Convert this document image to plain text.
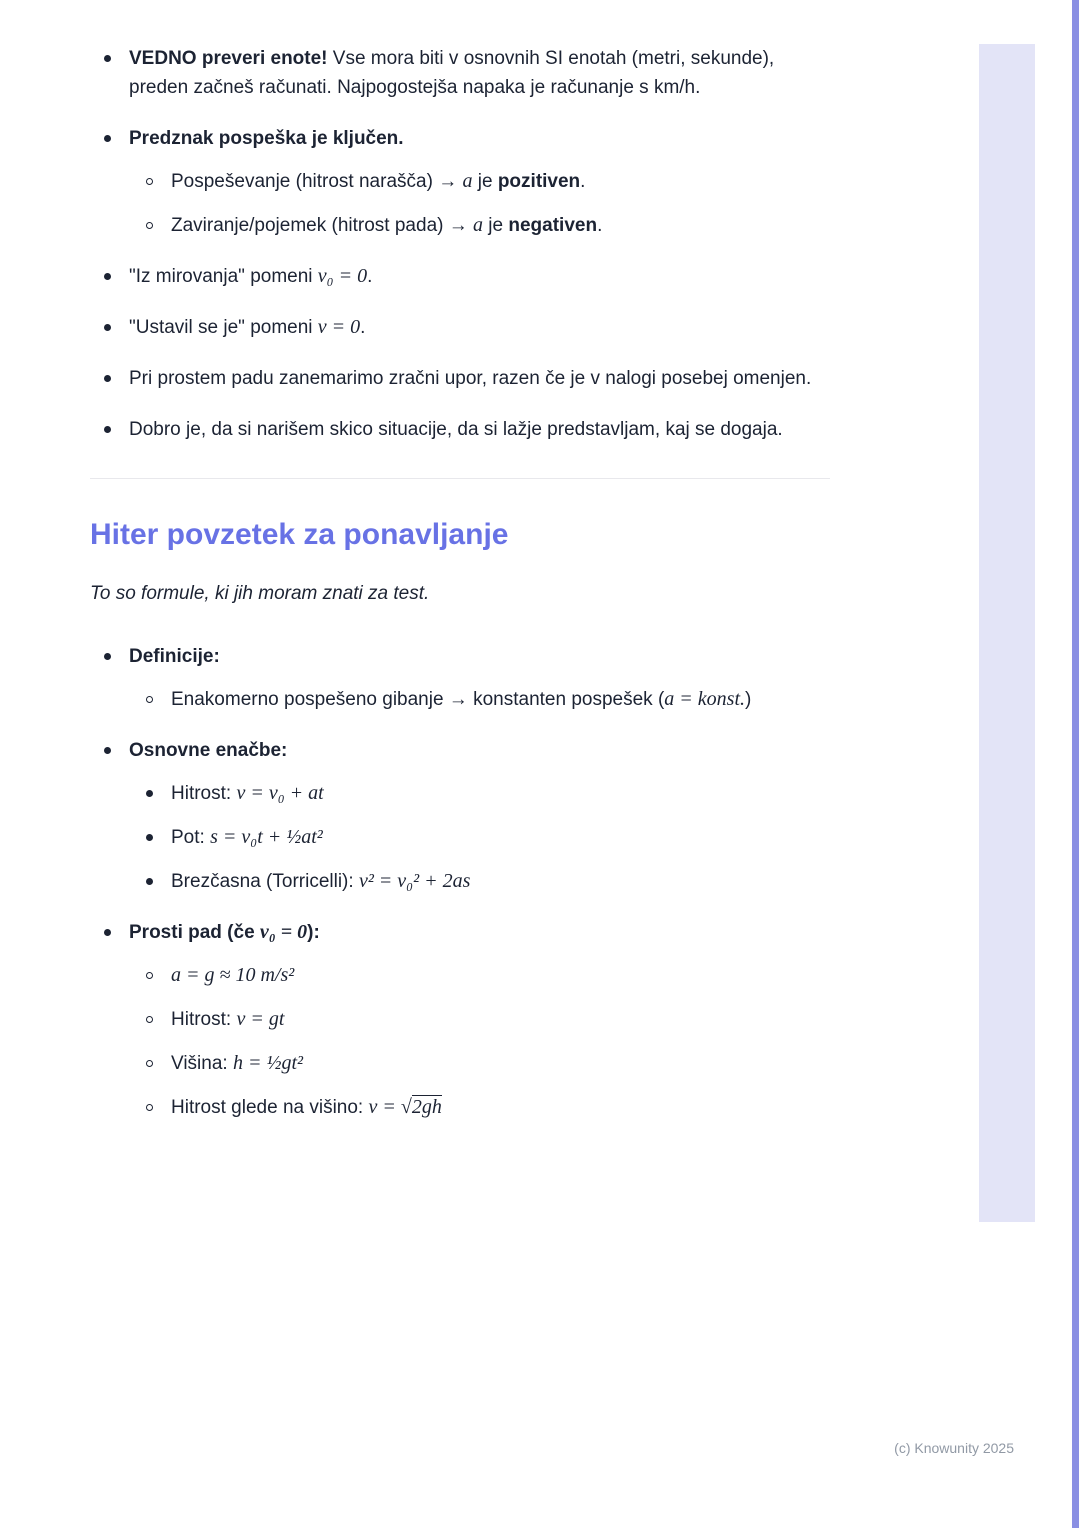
VEDNO preveri enote! Vse mora biti v osnovnih SI enotah (metri, sekunde), preden začneš računati. Najpogostejša napaka je računanje s km/h.
Predznak pospeška je ključen.
Pospeševanje (hitrost narašča) → a je pozitiven.
Zaviranje/pojemek (hitrost pada) → a je negativen.
"Iz mirovanja" pomeni v₀ = 0.
"Ustavil se je" pomeni v = 0.
Pri prostem padu zanemarimo zračni upor, razen če je v nalogi posebej omenjen.
Dobro je, da si narišem skico situacije, da si lažje predstavljam, kaj se dogaja.
Hiter povzetek za ponavljanje
To so formule, ki jih moram znati za test.
Definicije:
Enakomerno pospešeno gibanje → konstanten pospešek (a = konst.)
Osnovne enačbe:
Hitrost: v = v₀ + at
Pot: s = v₀t + ½at²
Brezčasna (Torricelli): v² = v₀² + 2as
Prosti pad (če v₀ = 0):
a = g ≈ 10 m/s²
Hitrost: v = gt
Višina: h = ½gt²
Hitrost glede na višino: v = √2gh
(c) Knowunity 2025
